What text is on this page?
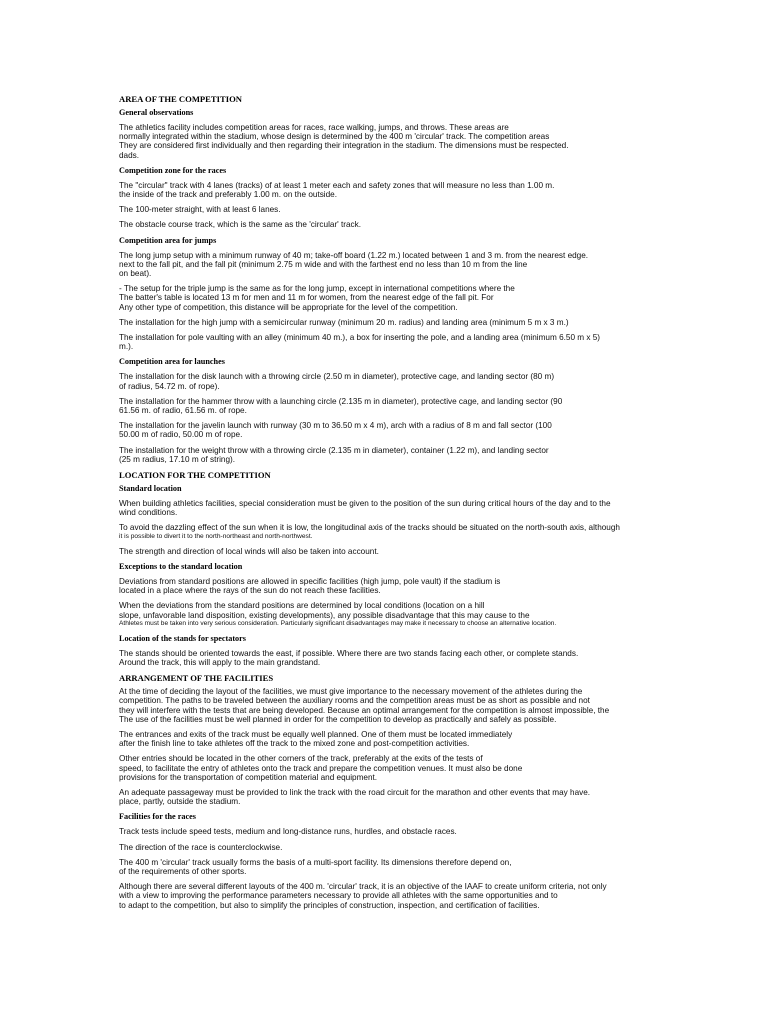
AREA OF THE COMPETITION
General observations

The athletics facility includes competition areas for races, race walking, jumps, and throws. These areas are
normally integrated within the stadium, whose design is determined by the 400 m 'circular' track. The competition areas
They are considered first individually and then regarding their integration in the stadium. The dimensions must be respected.
dads.

Competition zone for the races

The "circular" track with 4 lanes (tracks) of at least 1 meter each and safety zones that will measure no less than 1.00 m.
the inside of the track and preferably 1.00 m. on the outside.

The 100-meter straight, with at least 6 lanes.

The obstacle course track, which is the same as the 'circular' track.

Competition area for jumps

The long jump setup with a minimum runway of 40 m; take-off board (1.22 m.) located between 1 and 3 m. from the nearest edge.
next to the fall pit, and the fall pit (minimum 2.75 m wide and with the farthest end no less than 10 m from the line
on beat).

- The setup for the triple jump is the same as for the long jump, except in international competitions where the
The batter's table is located 13 m for men and 11 m for women, from the nearest edge of the fall pit. For
Any other type of competition, this distance will be appropriate for the level of the competition.

The installation for the high jump with a semicircular runway (minimum 20 m. radius) and landing area (minimum 5 m x 3 m.)

The installation for pole vaulting with an alley (minimum 40 m.), a box for inserting the pole, and a landing area (minimum 6.50 m x 5)
m.).

Competition area for launches

The installation for the disk launch with a throwing circle (2.50 m in diameter), protective cage, and landing sector (80 m)
of radius, 54.72 m. of rope).

The installation for the hammer throw with a launching circle (2.135 m in diameter), protective cage, and landing sector (90
61.56 m. of radio, 61.56 m. of rope.

The installation for the javelin launch with runway (30 m to 36.50 m x 4 m), arch with a radius of 8 m and fall sector (100
50.00 m of radio, 50.00 m of rope.

The installation for the weight throw with a throwing circle (2.135 m in diameter), container (1.22 m), and landing sector
(25 m radius, 17.10 m of string).

LOCATION FOR THE COMPETITION
Standard location

When building athletics facilities, special consideration must be given to the position of the sun during critical hours of the day and to the
wind conditions.

To avoid the dazzling effect of the sun when it is low, the longitudinal axis of the tracks should be situated on the north-south axis, although
it is possible to divert it to the north-northeast and north-northwest.

The strength and direction of local winds will also be taken into account.

Exceptions to the standard location

Deviations from standard positions are allowed in specific facilities (high jump, pole vault) if the stadium is
located in a place where the rays of the sun do not reach these facilities.

When the deviations from the standard positions are determined by local conditions (location on a hill
slope, unfavorable land disposition, existing developments), any possible disadvantage that this may cause to the
Athletes must be taken into very serious consideration. Particularly significant disadvantages may make it necessary to choose an alternative location.

Location of the stands for spectators

The stands should be oriented towards the east, if possible. Where there are two stands facing each other, or complete stands.
Around the track, this will apply to the main grandstand.

ARRANGEMENT OF THE FACILITIES

At the time of deciding the layout of the facilities, we must give importance to the necessary movement of the athletes during the
competition. The paths to be traveled between the auxiliary rooms and the competition areas must be as short as possible and not
they will interfere with the tests that are being developed. Because an optimal arrangement for the competition is almost impossible, the
The use of the facilities must be well planned in order for the competition to develop as practically and safely as possible.

The entrances and exits of the track must be equally well planned. One of them must be located immediately
after the finish line to take athletes off the track to the mixed zone and post-competition activities.

Other entries should be located in the other corners of the track, preferably at the exits of the tests of
speed, to facilitate the entry of athletes onto the track and prepare the competition venues. It must also be done
provisions for the transportation of competition material and equipment.

An adequate passageway must be provided to link the track with the road circuit for the marathon and other events that may have.
place, partly, outside the stadium.

Facilities for the races

Track tests include speed tests, medium and long-distance runs, hurdles, and obstacle races.

The direction of the race is counterclockwise.

The 400 m 'circular' track usually forms the basis of a multi-sport facility. Its dimensions therefore depend on,
of the requirements of other sports.

Although there are several different layouts of the 400 m. 'circular' track, it is an objective of the IAAF to create uniform criteria, not only
with a view to improving the performance parameters necessary to provide all athletes with the same opportunities and to
to adapt to the competition, but also to simplify the principles of construction, inspection, and certification of facilities.
